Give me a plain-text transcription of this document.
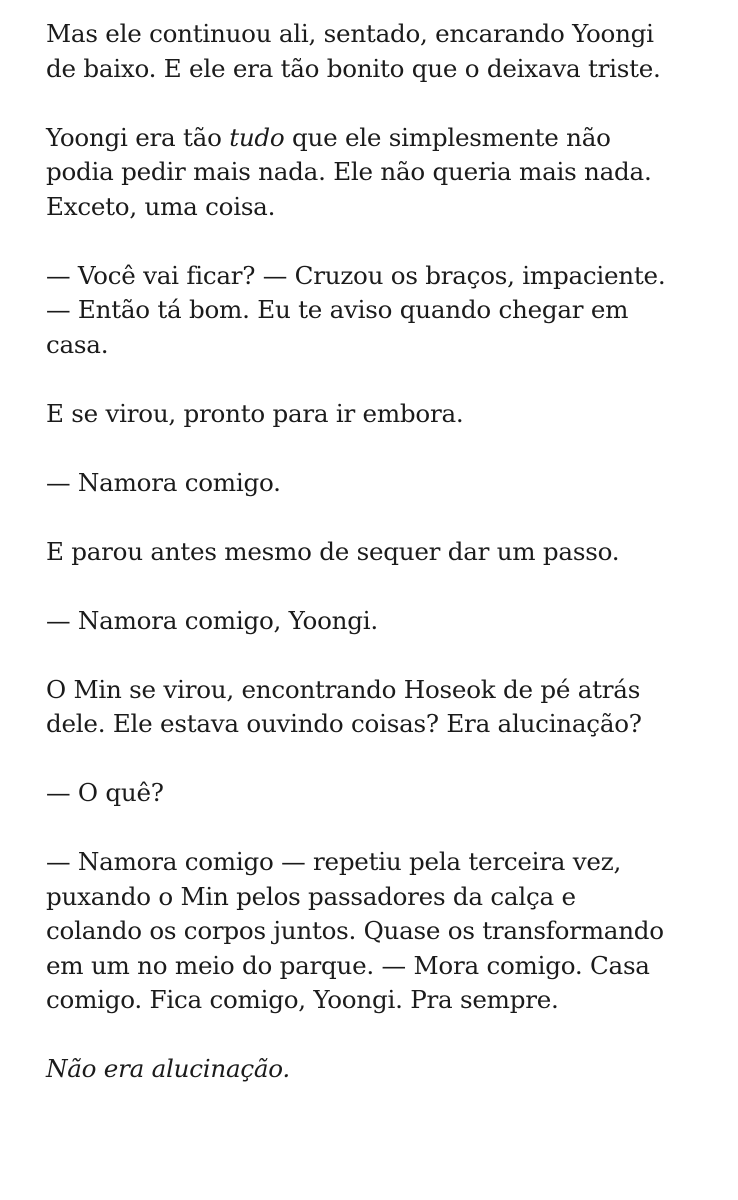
Mas ele continuou ali, sentado, encarando Yoongi
de baixo. E ele era tão bonito que o deixava triste.

Yoongi era tão tudo que ele simplesmente não
podia pedir mais nada. Ele não queria mais nada.
Exceto, uma coisa.

— Você vai ficar? — Cruzou os braços, impaciente.
— Então tá bom. Eu te aviso quando chegar em
casa.

E se virou, pronto para ir embora.

— Namora comigo.

E parou antes mesmo de sequer dar um passo.

— Namora comigo, Yoongi.

O Min se virou, encontrando Hoseok de pé atrás
dele. Ele estava ouvindo coisas? Era alucinação?

— O quê?

— Namora comigo — repetiu pela terceira vez,
puxando o Min pelos passadores da calça e
colando os corpos juntos. Quase os transformando
em um no meio do parque. — Mora comigo. Casa
comigo. Fica comigo, Yoongi. Pra sempre.

Não era alucinação.
